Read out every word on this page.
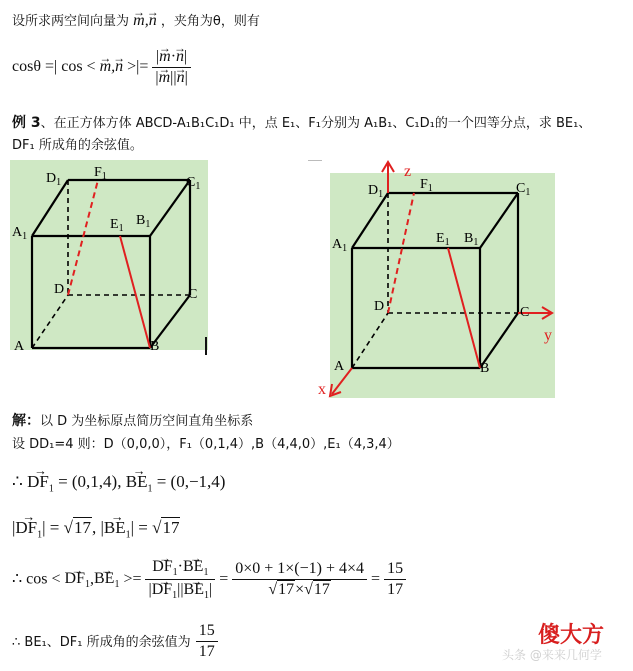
设所求两空间向量为 → m,→ n ，夹角为θ，则有
cosθ =| cos < → m,→ n >|= $\frac{|\to m\cdot\to n|}{|\to m||\to n|}$
例 3、在正方体方体 ABCD-A₁B₁C₁D₁ 中，点 E₁、F₁分别为 A₁B₁、C₁D₁的一个四等分点，求 BE₁、
DF₁ 所成角的余弦值。
$D_1$
$F_1$	$C_1$
$A_1$
$E_1$
$B_1$
D	C
A	B
$D_1$
$F_1$	$C_1$
$A_1$
$E_1$ $B_1$
D	C
A	B
z
y
x
解：以 D 为坐标原点简历空间直角坐标系
设 DD₁=4 则：D（0,0,0），F₁（0,1,4）,B（4,4,0）,E₁（4,3,4）
∴ → $DF_1 = (0,1,4)$, → $BE_1 = (0,-1,4)$
|→ $DF_1| = √17$, |→ $BE_1| = √17$
∴ cos < → $DF_1,\to BE_1$ >= → $\frac{DF_1\cdot\to BE_1}{|\to DF_1||\to BE_1|} = \frac{0\times 0 + 1\times(-1) + 4\times 4}{√17\times√17} = \frac{15}{17}$
∴ BE₁、DF₁ 所成角的余弦值为 $\frac{15}{17}$	傻大方
头条 @来来几何学
